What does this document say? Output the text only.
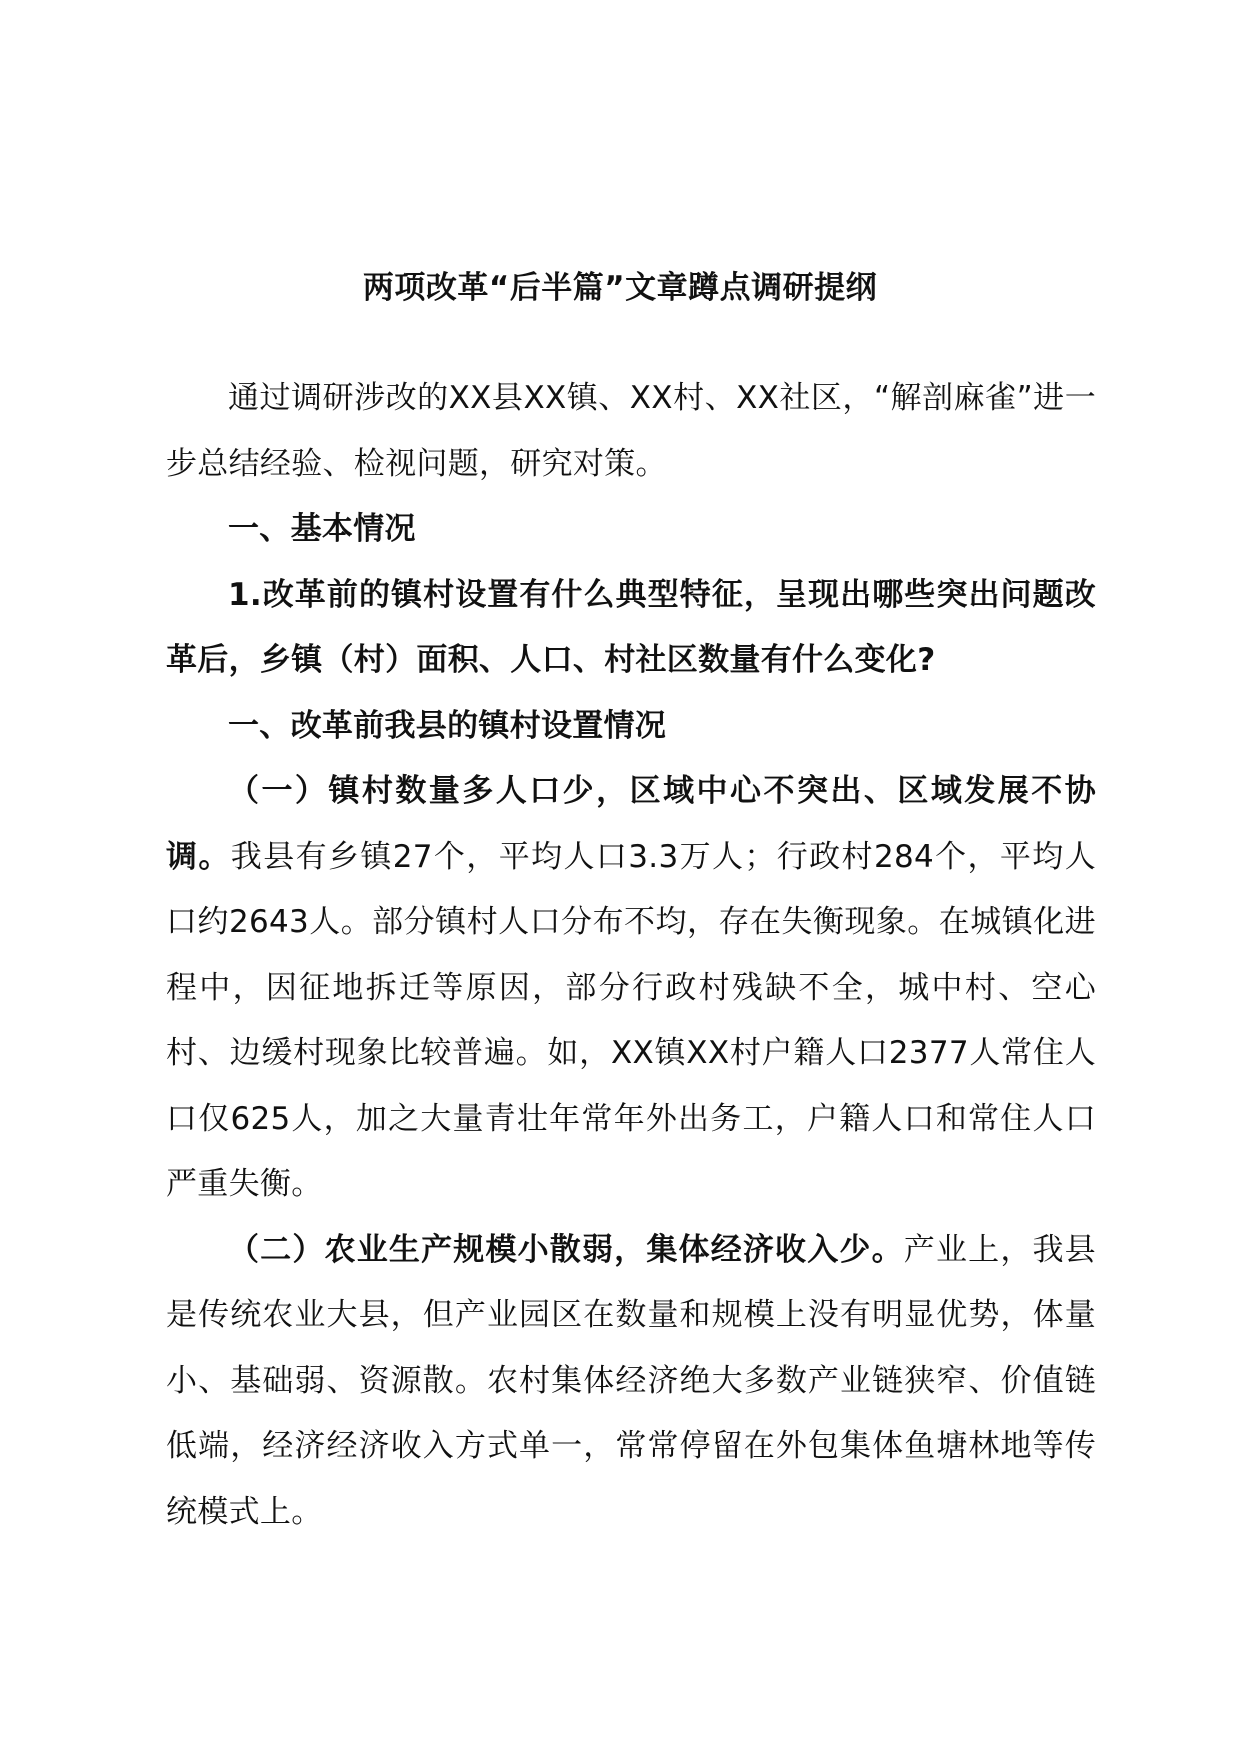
两项改革“后半篇”文章蹲点调研提纲

通过调研涉改的XX县XX镇、XX村、XX社区，“解剖麻雀”进一步总结经验、检视问题，研究对策。

一、基本情况

1.改革前的镇村设置有什么典型特征，呈现出哪些突出问题改革后，乡镇（村）面积、人口、村社区数量有什么变化?

一、改革前我县的镇村设置情况

（一）镇村数量多人口少，区域中心不突出、区域发展不协调。我县有乡镇27个，平均人口3.3万人；行政村284个，平均人口约2643人。部分镇村人口分布不均，存在失衡现象。在城镇化进程中，因征地拆迁等原因，部分行政村残缺不全，城中村、空心村、边缓村现象比较普遍。如，XX镇XX村户籍人口2377人常住人口仅625人，加之大量青壮年常年外出务工，户籍人口和常住人口严重失衡。

（二）农业生产规模小散弱，集体经济收入少。产业上，我县是传统农业大县，但产业园区在数量和规模上没有明显优势，体量小、基础弱、资源散。农村集体经济绝大多数产业链狭窄、价值链低端，经济经济收入方式单一，常常停留在外包集体鱼塘林地等传统模式上。
